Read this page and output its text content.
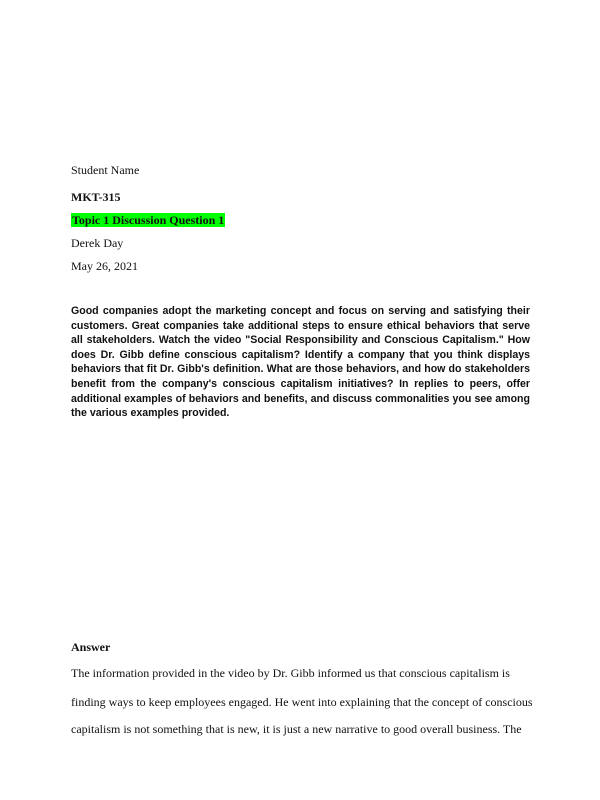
Student Name
MKT-315
Topic 1 Discussion Question 1
Derek Day
May 26, 2021

Good companies adopt the marketing concept and focus on serving and satisfying their customers. Great companies take additional steps to ensure ethical behaviors that serve all stakeholders. Watch the video "Social Responsibility and Conscious Capitalism." How does Dr. Gibb define conscious capitalism? Identify a company that you think displays behaviors that fit Dr. Gibb's definition. What are those behaviors, and how do stakeholders benefit from the company's conscious capitalism initiatives? In replies to peers, offer additional examples of behaviors and benefits, and discuss commonalities you see among the various examples provided.

Answer
The information provided in the video by Dr. Gibb informed us that conscious capitalism is
finding ways to keep employees engaged. He went into explaining that the concept of conscious
capitalism is not something that is new, it is just a new narrative to good overall business. The
